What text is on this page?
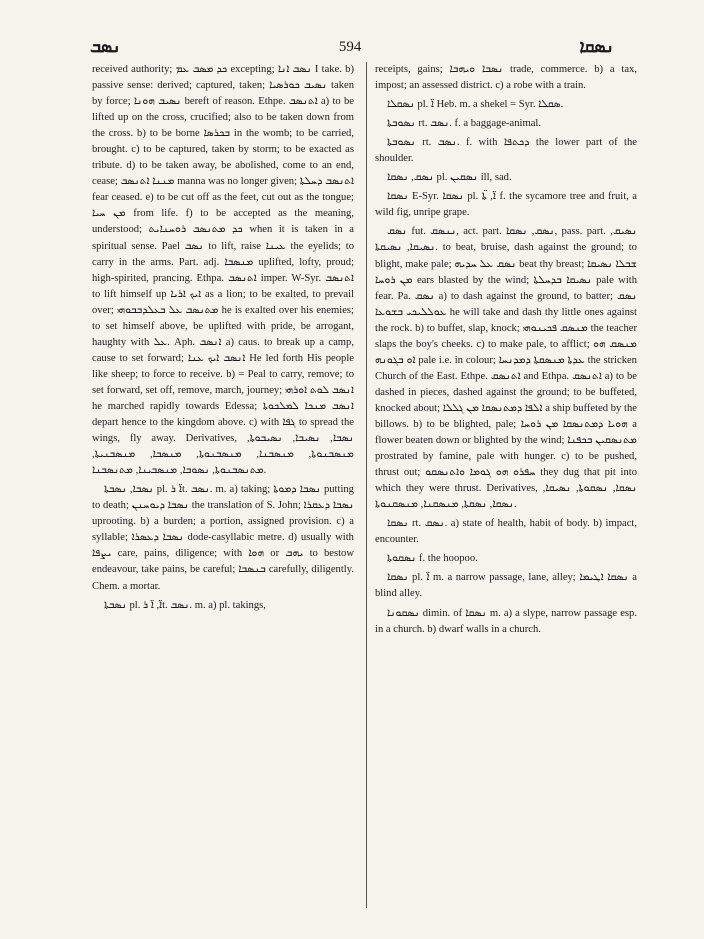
ܢܣܒ	594	ܢܣܩܐ

received authority; ܟܕ ܡܣܒ ܥܡ excepting; ܢܣܒ ܐܢܐ I take. b) passive sense: derived; captured, taken; ܢܣܝܒ ܟܘܪܣܝܐ taken by force; ܢܣܝܒ ܗܘܢܐ bereft of reason. Ethpe. ܐܬܢܣܒ a) to be lifted up on the cross, crucified; also to be taken down from the cross. b) to be borne ܒܟܪܣܐ in the womb; to be carried, brought. c) to be captured, taken by storm; to be exacted as tribute. d) to be taken away, be abolished, come to an end, cease; ܡܢܢܐ ܐܬܢܣܒ manna was no longer given; ܐܬܢܣܒ ܕܚܠܬܐ fear ceased. e) to be cut off as the feet, cut out as the tongue; ܡܢ ܚܝܐ from life. f) to be accepted as the meaning, understood; ܟܕ ܡܬܢܣܒ ܪܘܚܢܐܝܬ when it is taken in a spiritual sense. Pael ܢܣܒ to lift, raise ܥܝܢܐ the eyelids; to carry in the arms. Part. adj. ܡܢܣܒܐ uplifted, lofty, proud; high-spirited, prancing. Ethpa. ܐܬܢܣܒ imper. W-Syr. ܐܬܢܣܒ to lift himself up ܐܝܟ ܐܪܝܐ as a lion; to be exalted, to prevail over; ܡܬܢܣܒ ܥܠ ܒܥܠܕܒܒܘܗܝ he is exalted over his enemies; to set himself above, be uplifted with pride, be arrogant, haughty with ܥܠ. Aph. ܐܢܣܒ a) caus. to break up a camp, cause to set forward; ܐܢܣܒ ܐܝܟ ܥܢܐ He led forth His people like sheep; to force to receive. b) = Peal to carry, remove; to set forward, set off, remove, march, journey; ܐܢܣܒ ܠܘܬ ܐܘܪܗܝ he marched rapidly towards Edessa; ܐܢܣܒ ܡܢܟܐ ܠܡܠܟܘܬܐ depart hence to the kingdom above. c) with ܓܦܐ to spread the wings, fly away. Derivatives, ܢܣܒܐ, ܢܣܝܒܐ, ܢܣܝܒܘܬܐ, ܡܢܣܒܢܘܬܐ, ܡܢܣܒܢܐ, ܡܢܣܒܢܘܬܐ, ܡܢܣܒܐ, ܡܢܣܒܢܝܬܐ, ܡܬܢܣܒܢܘܬܐ, ܢܣܘܒܐ, ܡܢܣܒܝܢܐ, ܡܬܢܣܒܢܐ.

ܢܣܒܐ, ܢܣܒܬܐ pl. ܐ̈ ܪt. ܢܣܒ. m. a) taking; ܢܣܒܐ ܕܡܘܬܐ putting to death; ܢܣܒܐ ܕܝܘܚܢܢ the translation of S. John; ܢܣܒܐ ܕܥܩܪܐ uprooting. b) a burden; a portion, assigned provision. c) a syllable; ܢܣܒܐ ܕܥܣܪܐ dode-casyllabic metre. d) usually with ܝܨܦܐ care, pains, diligence; with ܗܘܐ or ܝܗܒ to bestow endeavour, take pains, be careful; ܒܢܣܒܐ carefully, diligently. Chem. a mortar.

ܢܣܒܬܐ pl. ܐ̈, ܐ̈ ܪt. ܢܣܒ. m. a) pl. takings,

receipts, gains; ܢܣܒܐ ܘܝܗܒܐ trade, commerce. b) a tax, impost; an assessed district. c) a robe with a train.

ܢܣܩܠܐ pl. ܐ̈ Heb. m. a shekel = Syr. ܣܩܠܐ.

ܢܣܘܒܬܐ rt. ܢܣܒ. f. a baggage-animal.

ܢܣܘܒܬܐ rt. ܢܣܒ. f. with ܕܟܬܦܐ the lower part of the shoulder.

ܢܣܩ, ܢܣܩܐ pl. ܢܣܩܝܢ ill, sad.

ܢܣܩܐ E-Syr. ܢܣܩܐ pl. ܐ̈, ܬܐ̈ f. the sycamore tree and fruit, a wild fig, unripe grape.

ܢܣܩ fut. ܢܢܣܩ, act. part. ܢܣܩ, ܢܣܩܐ, pass. part. ܢܣܝܩ, ܢܣܝܩܐ, ܢܣܝܩܬܐ. to beat, bruise, dash against the ground; to blight, make pale; ܢܣܩ ܥܠ ܚܕܝܗ beat thy breast; ܫܒܠܐ ܢܣܝܩܐ ܡܢ ܪܘܚܐ ears blasted by the wind; ܢܣܝܩܐ ܒܕܚܠܬܐ pale with fear. Pa. ܢܣܩ a) to dash against the ground, to batter; ܢܣܩ ܥܘܠܠܝܟܝ ܒܫܘܥܐ he will take and dash thy little ones against the rock. b) to buffet, slap, knock; ܡܢܣܩ ܦܟܝܢܘܗܝ the teacher slaps the boy's cheeks. c) to make pale, to afflict; ܡܢܣܩ ܗܘ ܐܘ ܒܓܘܢܗ pale i.e. in colour; ܥܕܬܐ ܡܢܣܩܬܐ ܕܡܕܢܚܐ the stricken Church of the East. Ethpe. ܐܬܢܣܩ and Ethpa. ܐܬܢܣܩ a) to be dashed in pieces, dashed against the ground; to be buffeted, knocked about; ܐܠܦܐ ܕܡܬܢܣܩܐ ܡܢ ܓܠܠܐ a ship buffeted by the billows. b) to be blighted, pale; ܗܘܝܐ ܕܡܬܢܣܩܐ ܡܢ ܪܘܚܐ a flower beaten down or blighted by the wind; ܡܬܢܣܩܝܢ ܒܟܦܢܐ prostrated by famine, pale with hunger. c) to be pushed, thrust out; ܚܦܪܘ ܗܘ ܓܘܡܐ ܘܐܬܢܣܩܘ they dug that pit into which they were thrust. Derivatives, ܢܣܩܐ, ܢܣܩܘܬܐ, ܢܣܝܩܐ, ܢܣܩܐ, ܢܣܩܬܐ, ܡܢܣܩܢܐ, ܡܢܣܩܢܘܬܐ.

ܢܣܩܐ rt. ܢܣܩ. a) state of health, habit of body. b) impact, encounter.

ܢܣܩܘܬܐ f. the hoopoo.

ܢܣܩܐ pl. ܐ̈ m. a narrow passage, lane, alley; ܢܣܩܐ ܐܛܝܡܐ a blind alley.

ܢܣܩܘܢܐ dimin. of ܢܣܩܐ m. a) a slype, narrow passage esp. in a church. b) dwarf walls in a church.
